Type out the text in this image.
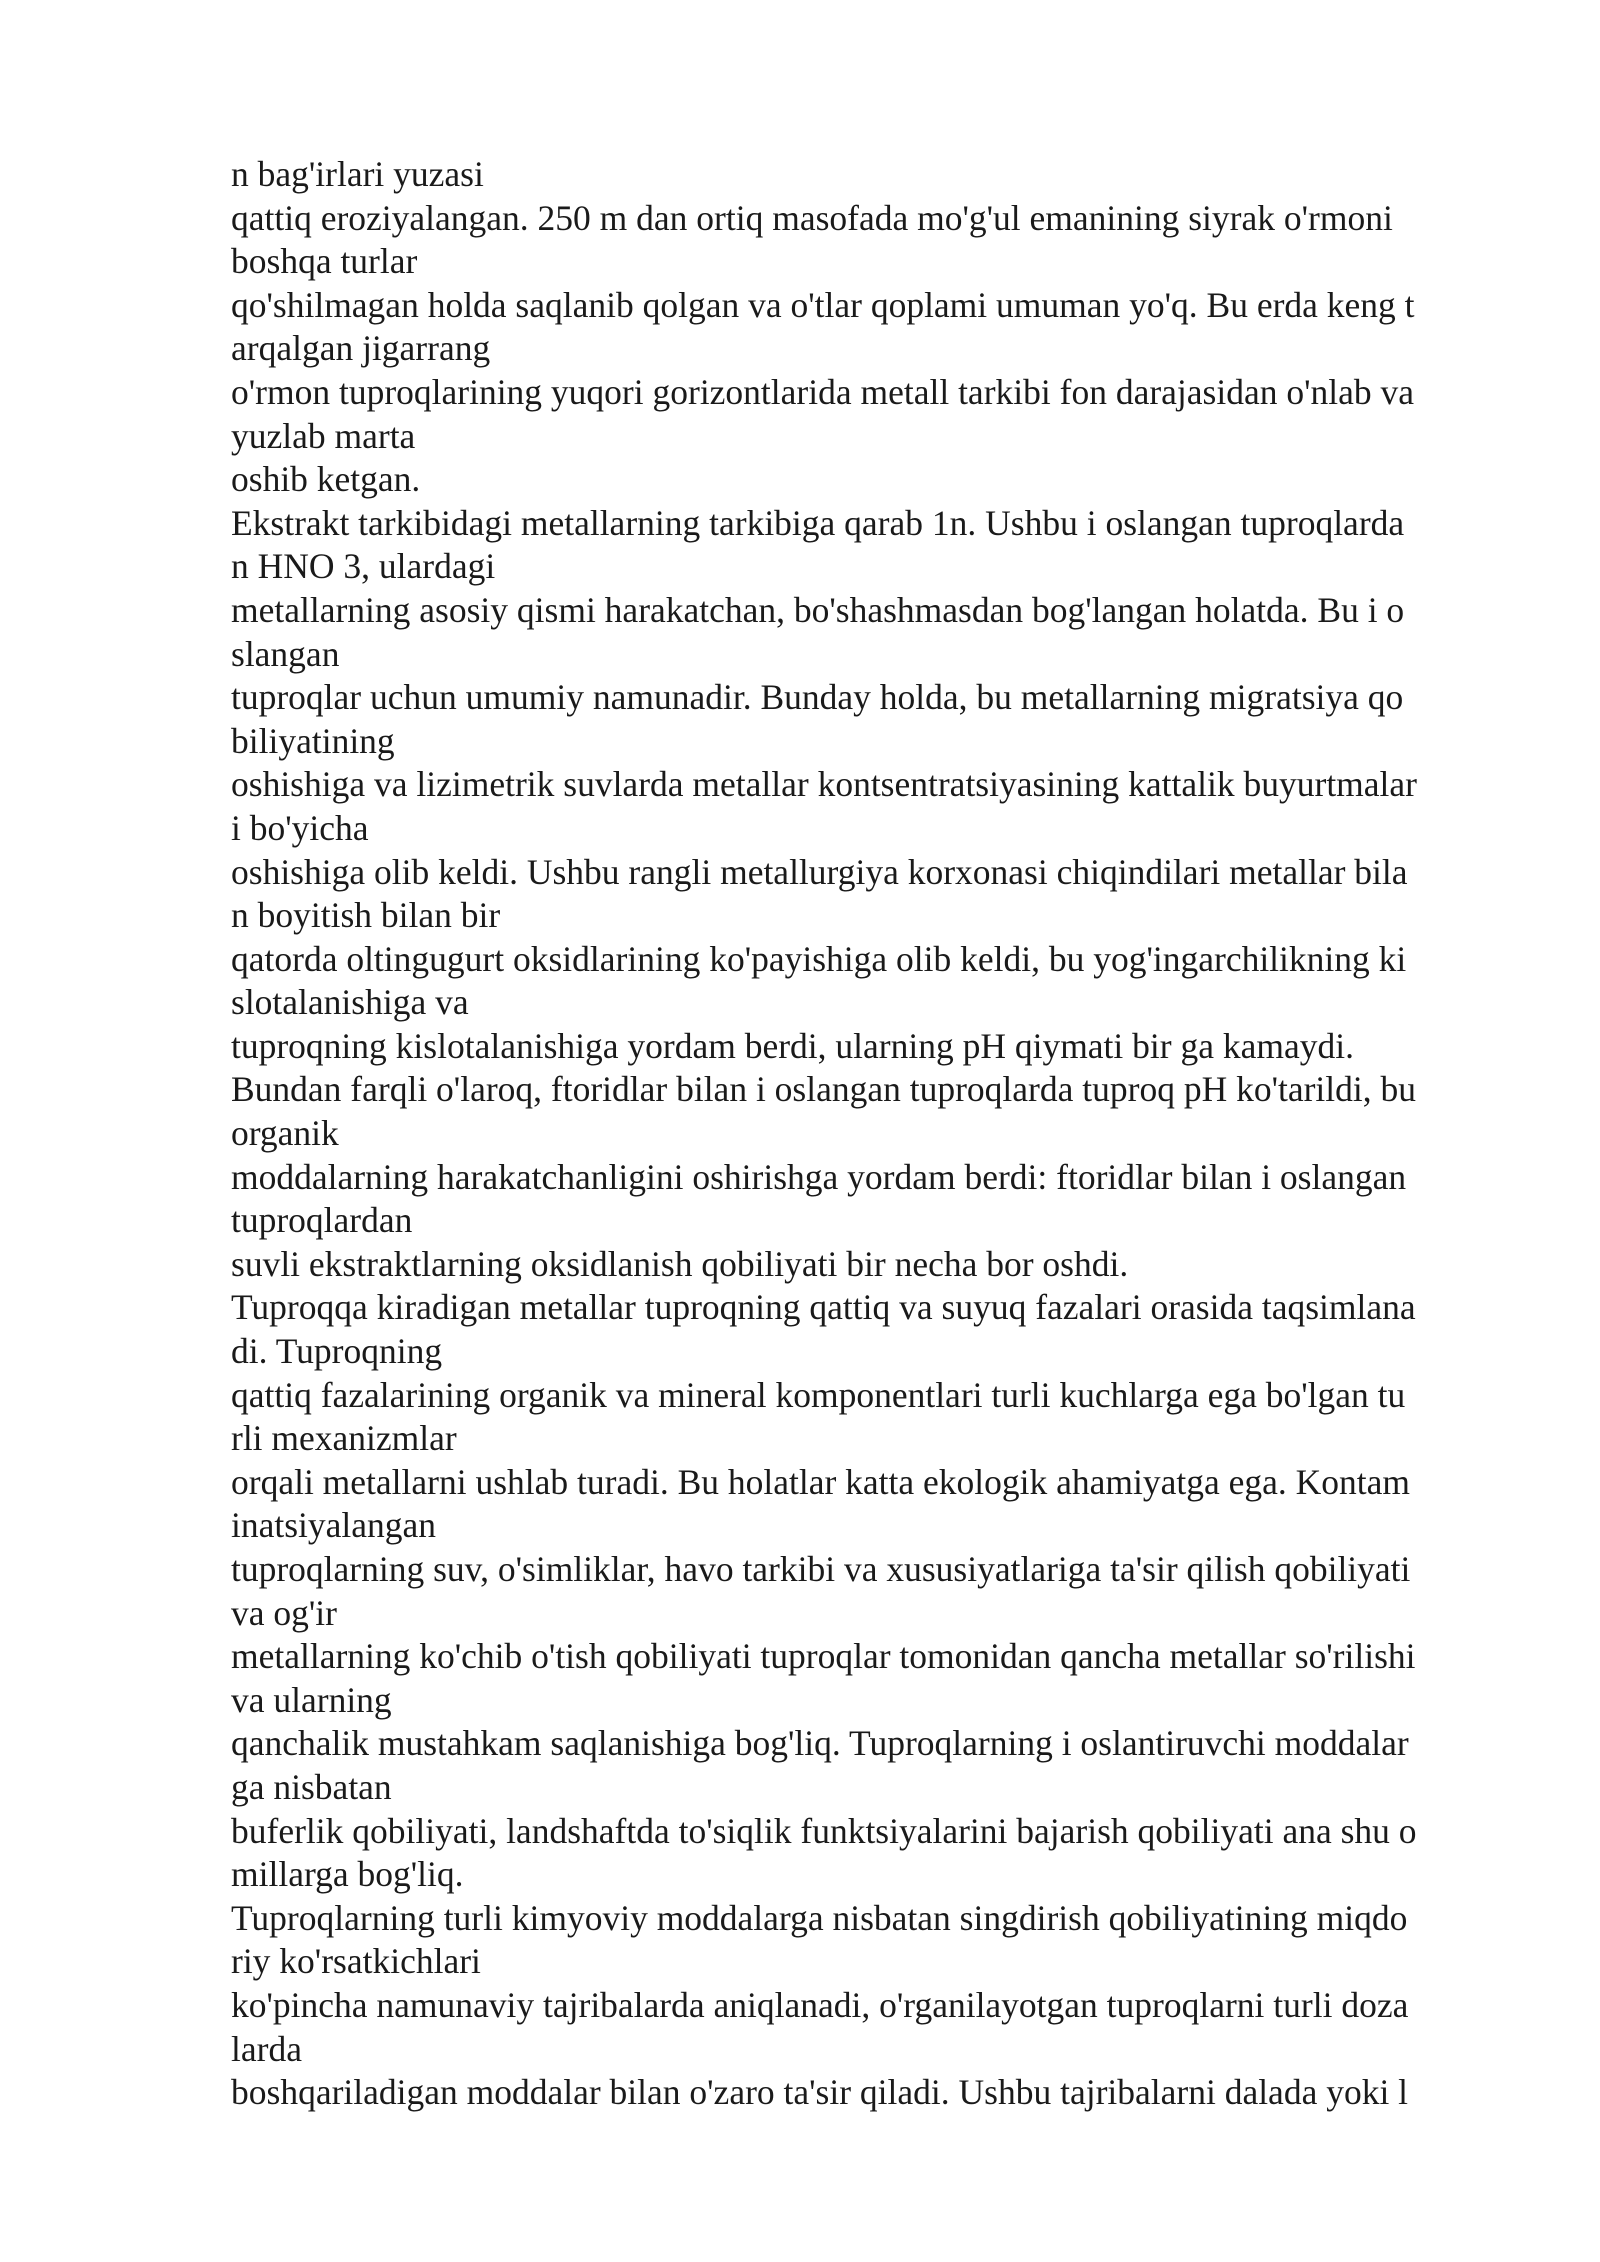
n bag'irlari yuzasi
qattiq eroziyalangan. 250 m dan ortiq masofada mo'g'ul emanining siyrak o'rmoni
boshqa turlar
qo'shilmagan holda saqlanib qolgan va o'tlar qoplami umuman yo'q. Bu erda keng t
arqalgan jigarrang
o'rmon tuproqlarining yuqori gorizontlarida metall tarkibi fon darajasidan o'nlab va
yuzlab marta
oshib ketgan.
Ekstrakt tarkibidagi metallarning tarkibiga qarab 1n. Ushbu i oslangan tuproqlarda
n HNO 3, ulardagi
metallarning asosiy qismi harakatchan, bo'shashmasdan bog'langan holatda. Bu i o
slangan
tuproqlar uchun umumiy namunadir. Bunday holda, bu metallarning migratsiya qo
biliyatining
oshishiga va lizimetrik suvlarda metallar kontsentratsiyasining kattalik buyurtmalar
i bo'yicha
oshishiga olib keldi. Ushbu rangli metallurgiya korxonasi chiqindilari metallar bila
n boyitish bilan bir
qatorda oltingugurt oksidlarining ko'payishiga olib keldi, bu yog'ingarchilikning ki
slotalanishiga va
tuproqning kislotalanishiga yordam berdi, ularning pH qiymati bir ga kamaydi.
Bundan farqli o'laroq, ftoridlar bilan i oslangan tuproqlarda tuproq pH ko'tarildi, bu
organik
moddalarning harakatchanligini oshirishga yordam berdi: ftoridlar bilan i oslangan
tuproqlardan
suvli ekstraktlarning oksidlanish qobiliyati bir necha bor oshdi.
Tuproqqa kiradigan metallar tuproqning qattiq va suyuq fazalari orasida taqsimlana
di. Tuproqning
qattiq fazalarining organik va mineral komponentlari turli kuchlarga ega bo'lgan tu
rli mexanizmlar
orqali metallarni ushlab turadi. Bu holatlar katta ekologik ahamiyatga ega. Kontam
inatsiyalangan
tuproqlarning suv, o'simliklar, havo tarkibi va xususiyatlariga ta'sir qilish qobiliyati
va og'ir
metallarning ko'chib o'tish qobiliyati tuproqlar tomonidan qancha metallar so'rilishi
va ularning
qanchalik mustahkam saqlanishiga bog'liq. Tuproqlarning i oslantiruvchi moddalar
ga nisbatan
buferlik qobiliyati, landshaftda to'siqlik funktsiyalarini bajarish qobiliyati ana shu o
millarga bog'liq.
Tuproqlarning turli kimyoviy moddalarga nisbatan singdirish qobiliyatining miqdo
riy ko'rsatkichlari
ko'pincha namunaviy tajribalarda aniqlanadi, o'rganilayotgan tuproqlarni turli doza
larda
boshqariladigan moddalar bilan o'zaro ta'sir qiladi. Ushbu tajribalarni dalada yoki l
